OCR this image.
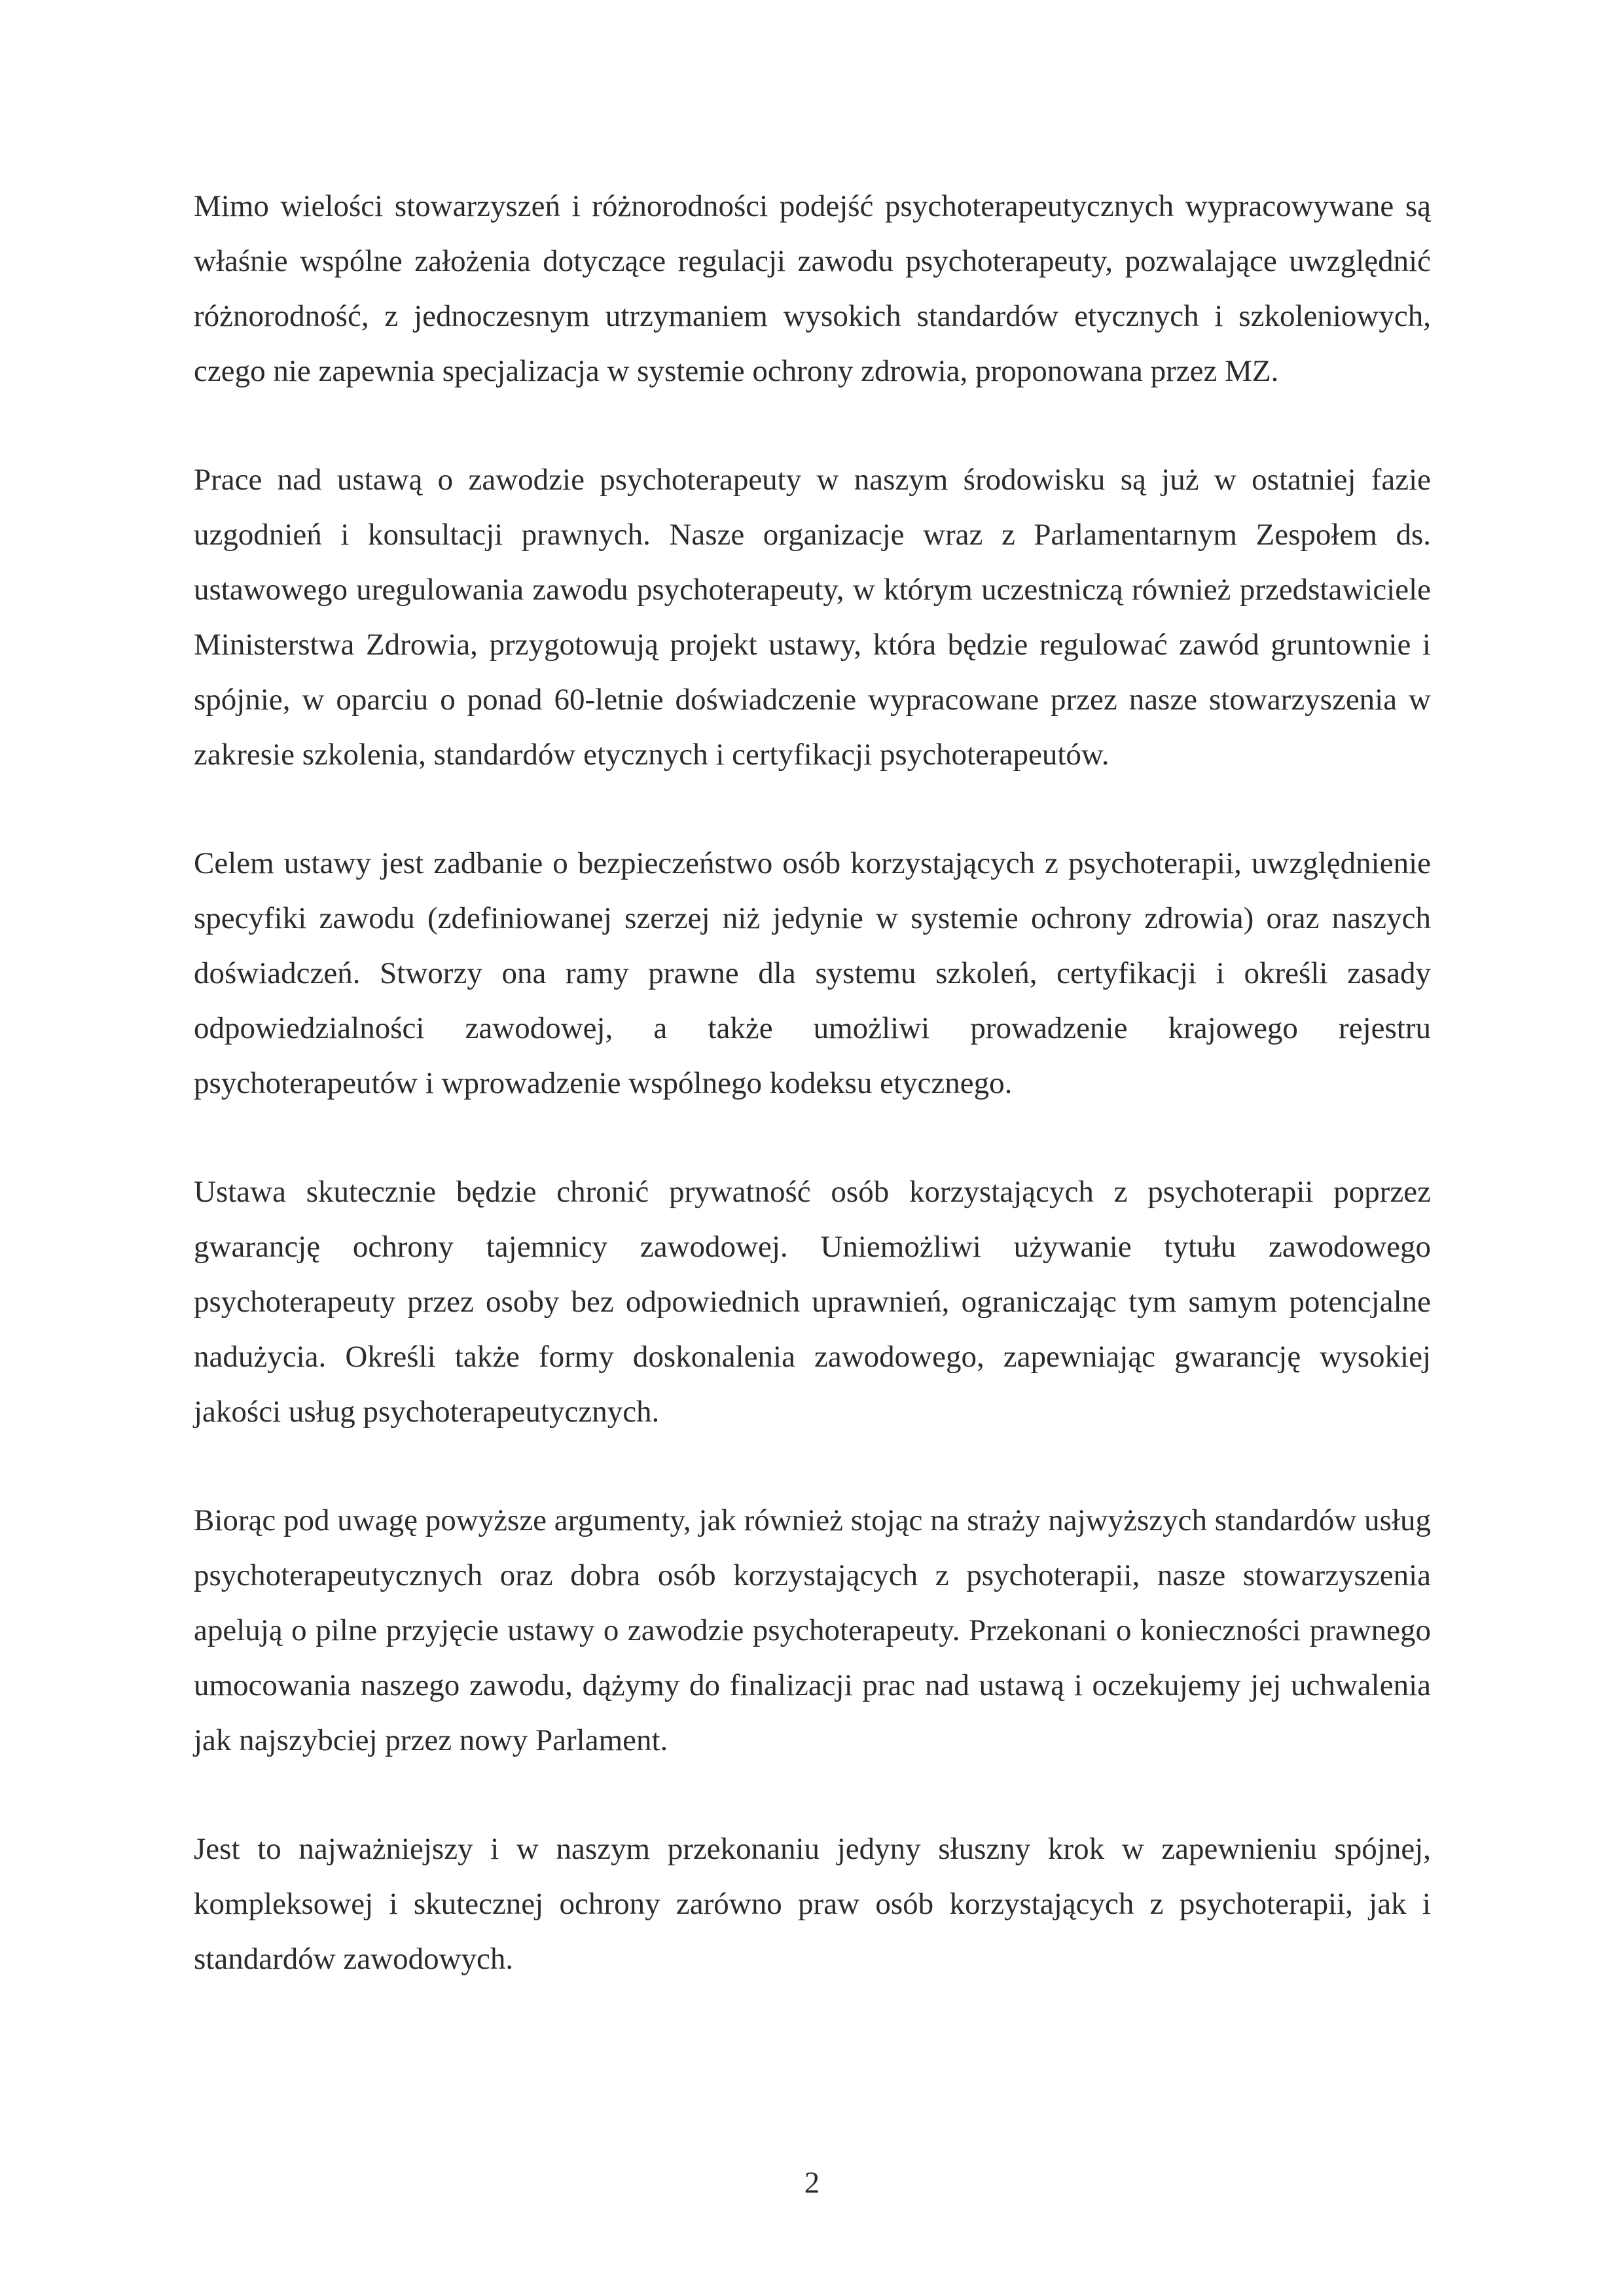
Mimo wielości stowarzyszeń i różnorodności podejść psychoterapeutycznych wypracowywane są właśnie wspólne założenia dotyczące regulacji zawodu psychoterapeuty, pozwalające uwzględnić różnorodność, z jednoczesnym utrzymaniem wysokich standardów etycznych i szkoleniowych, czego nie zapewnia specjalizacja w systemie ochrony zdrowia, proponowana przez MZ.

Prace nad ustawą o zawodzie psychoterapeuty w naszym środowisku są już w ostatniej fazie uzgodnień i konsultacji prawnych. Nasze organizacje wraz z Parlamentarnym Zespołem ds. ustawowego uregulowania zawodu psychoterapeuty, w którym uczestniczą również przedstawiciele Ministerstwa Zdrowia, przygotowują projekt ustawy, która będzie regulować zawód gruntownie i spójnie, w oparciu o ponad 60-letnie doświadczenie wypracowane przez nasze stowarzyszenia w zakresie szkolenia, standardów etycznych i certyfikacji psychoterapeutów.

Celem ustawy jest zadbanie o bezpieczeństwo osób korzystających z psychoterapii, uwzględnienie specyfiki zawodu (zdefiniowanej szerzej niż jedynie w systemie ochrony zdrowia) oraz naszych doświadczeń. Stworzy ona ramy prawne dla systemu szkoleń, certyfikacji i określi zasady odpowiedzialności zawodowej, a także umożliwi prowadzenie krajowego rejestru psychoterapeutów i wprowadzenie wspólnego kodeksu etycznego.

Ustawa skutecznie będzie chronić prywatność osób korzystających z psychoterapii poprzez gwarancję ochrony tajemnicy zawodowej. Uniemożliwi używanie tytułu zawodowego psychoterapeuty przez osoby bez odpowiednich uprawnień, ograniczając tym samym potencjalne nadużycia. Określi także formy doskonalenia zawodowego, zapewniając gwarancję wysokiej jakości usług psychoterapeutycznych.

Biorąc pod uwagę powyższe argumenty, jak również stojąc na straży najwyższych standardów usług psychoterapeutycznych oraz dobra osób korzystających z psychoterapii, nasze stowarzyszenia apelują o pilne przyjęcie ustawy o zawodzie psychoterapeuty. Przekonani o konieczności prawnego umocowania naszego zawodu, dążymy do finalizacji prac nad ustawą i oczekujemy jej uchwalenia jak najszybciej przez nowy Parlament.

Jest to najważniejszy i w naszym przekonaniu jedyny słuszny krok w zapewnieniu spójnej, kompleksowej i skutecznej ochrony zarówno praw osób korzystających z psychoterapii, jak i standardów zawodowych.

2
